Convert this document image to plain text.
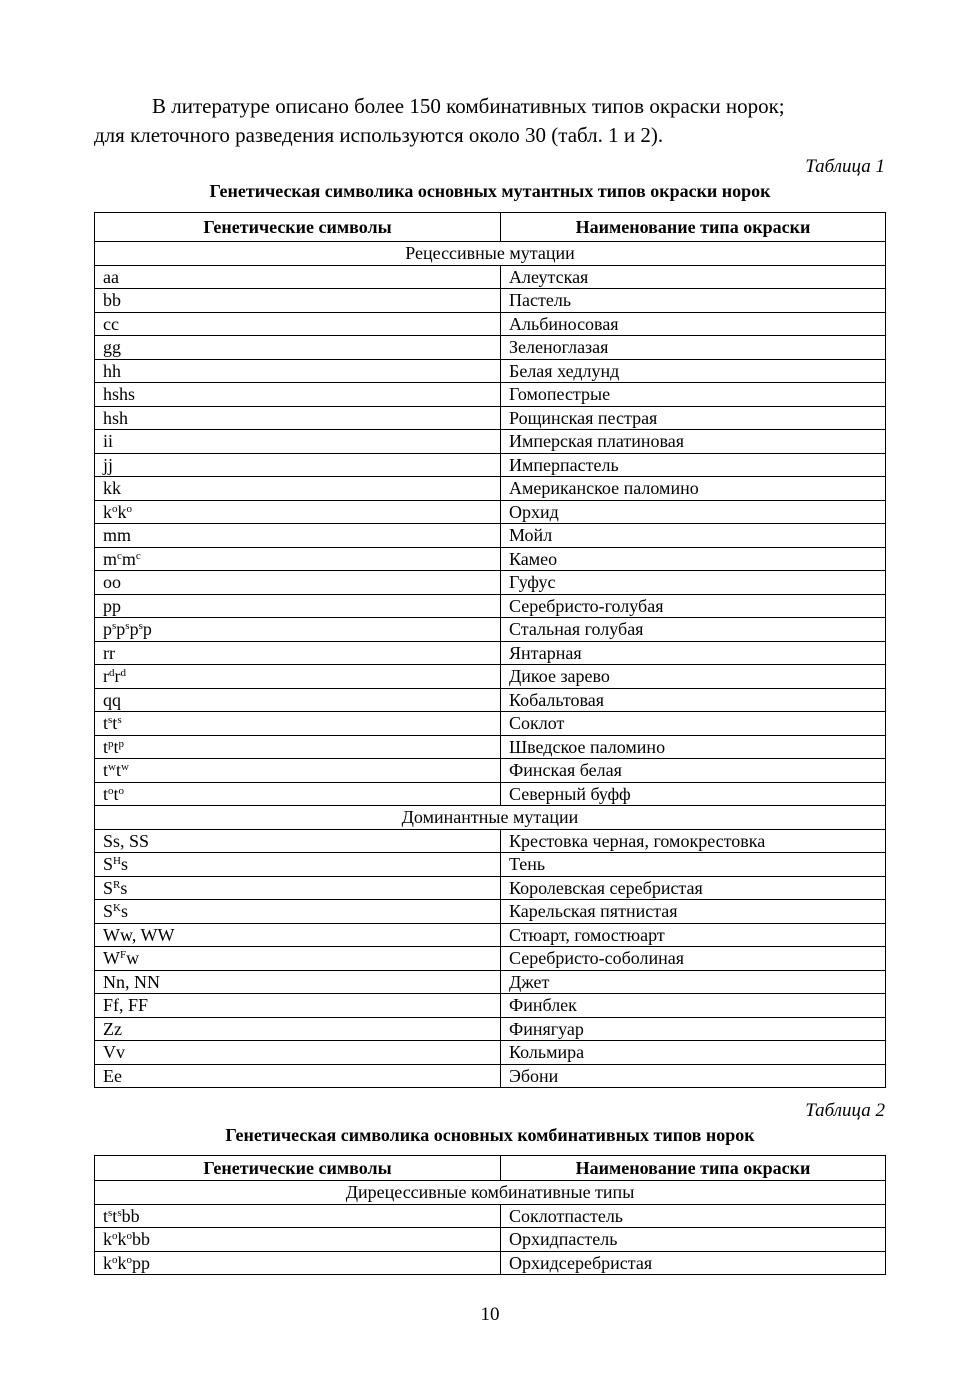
В литературе описано более 150 комбинативных типов окраски норок;
для клеточного разведения используются около 30 (табл. 1 и 2).

Таблица 1
Генетическая символика основных мутантных типов окраски норок
Генетические символы	Наименование типа окраски
Рецессивные мутации	
aa	Алеутская
bb	Пастель
cc	Альбиносовая
gg	Зеленоглазая
hh	Белая хедлунд
hshs	Гомопестрые
hsh	Рощинская пестрая
ii	Имперская платиновая
jj	Имперпастель
kk	Американское паломино
$k^ok^o$	Орхид
mm	Мойл
$m^cm^c$	Камео
oo	Гуфус
pp	Серебристо-голубая
$p^sp^sp^sp$	Стальная голубая
rr	Янтарная
$r^dr^d$	Дикое зарево
qq	Кобальтовая
$t^st^s$	Соклот
$t^pt^p$	Шведское паломино
$t^wt^w$	Финская белая
$t^ot^o$	Северный буфф
Доминантные мутации	
Ss, SS	Крестовка черная, гомокрестовка
$S^Hs$	Тень
$S^Rs$	Королевская серебристая
$S^Ks$	Карельская пятнистая
Ww, WW	Стюарт, гомостюарт
$W^Fw$	Серебристо-соболиная
Nn, NN	Джет
Ff, FF	Финблек
Zz	Финягуар
Vv	Кольмира
Ee	Эбони
Таблица 2
Генетическая символика основных комбинативных типов норок
Генетические символы	Наименование типа окраски
Дирецессивные комбинативные типы	
$t^st^sbb$	Соклотпастель
$k^ok^obb$	Орхидпастель
$k^ok^opp$	Орхидсеребристая
10
